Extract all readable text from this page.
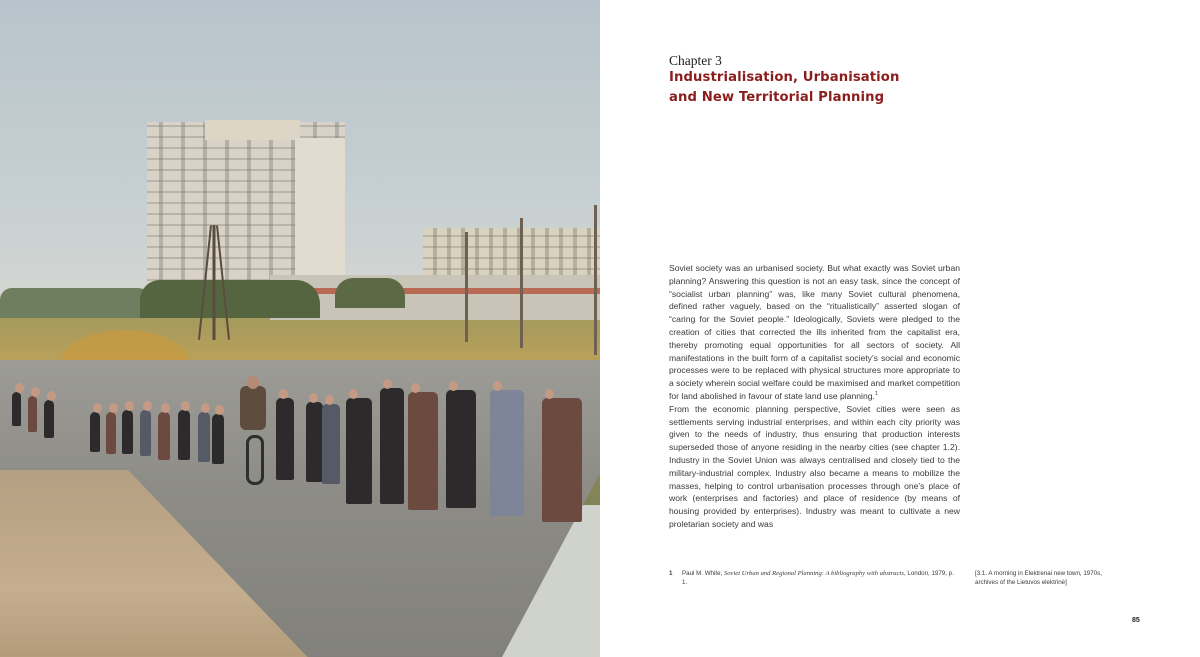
Chapter 3
Industrialisation, Urbanisation
and New Territorial Planning

Soviet society was an urbanised society. But what exactly was Soviet urban planning? Answering this question is not an easy task, since the concept of “socialist urban planning” was, like many Soviet cultural phenomena, defined rather vaguely, based on the “ritualistically” asserted slogan of “caring for the Soviet people.” Ideologically, Soviets were pledged to the creation of cities that corrected the ills inherited from the capitalist era, thereby promoting equal opportunities for all sectors of society. All manifestations in the built form of a capitalist society’s social and economic processes were to be replaced with physical structures more appropriate to a society wherein social welfare could be maximised and market competition for land abolished in favour of state land use planning.$^1$

From the economic planning perspective, Soviet cities were seen as settlements serving industrial enterprises, and within each city priority was given to the needs of industry, thus ensuring that production interests superseded those of anyone residing in the nearby cities (see chapter 1.2). Industry in the Soviet Union was always centralised and closely tied to the military-industrial complex. Industry also became a means to mobilize the masses, helping to control urbanisation processes through one’s place of work (enterprises and factories) and place of residence (by means of housing provided by enterprises). Industry was meant to cultivate a new proletarian society and was

1 Paul M. White, Soviet Urban and Regional Planning: A bibliography with abstracts, London, 1979, p. 1.
[3.1. A morning in Elektrenai new town, 1970s, archives of the Lietuvos elektrinė]
85
